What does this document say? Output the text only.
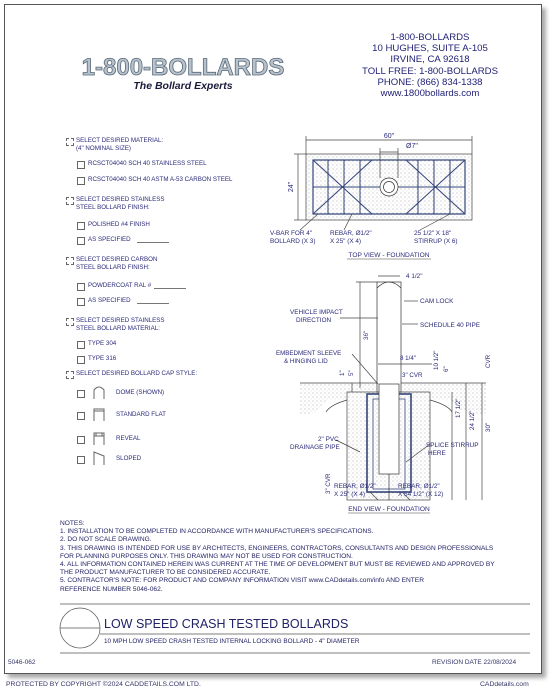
1-800-BOLLARDS
The Bollard Experts
1-800-BOLLARDS
10 HUGHES, SUITE A-105
IRVINE, CA 92618
TOLL FREE: 1-800-BOLLARDS
PHONE: (866) 834-1338
www.1800bollards.com
SELECT DESIRED MATERIAL:
(4" NOMINAL SIZE)
RCSCT04040 SCH 40 STAINLESS STEEL
RCSCT04040 SCH 40 ASTM A-53 CARBON STEEL
SELECT DESIRED STAINLESS
STEEL BOLLARD FINISH:
POLISHED #4 FINISH
AS SPECIFIED
SELECT DESIRED CARBON
STEEL BOLLARD FINISH:
POWDERCOAT RAL #
AS SPECIFIED
SELECT DESIRED STAINLESS
STEEL BOLLARD MATERIAL:
TYPE 304
TYPE 316
SELECT DESIRED BOLLARD CAP STYLE:
DOME (SHOWN)
STANDARD FLAT
REVEAL
SLOPED
60"
24"
Ø7"
V-BAR FOR 4"
BOLLARD (X 3)
REBAR, Ø1/2"
X 25" (X 4)
25 1/2" X 18"
STIRRUP (X 6)
TOP VIEW - FOUNDATION
4 1/2"
CAM LOCK
VEHICLE IMPACT
DIRECTION
36"
SCHEDULE 40 PIPE
EMBEDMENT SLEEVE
& HINGING LID	8 1/4"
1" 5"	3" CVR
10 1/2" 6"
CVR
17 1/2"
24 1/2" 30"
2" PVC
DRAINAGE PIPE	SPLICE STIRRUP
HERE
3" CVR REBAR, Ø1/2"
X 25" (X 4)
REBAR, Ø1/2"
X 54 1/2" (X 12)
END VIEW - FOUNDATION
NOTES:
1. INSTALLATION TO BE COMPLETED IN ACCORDANCE WITH MANUFACTURER'S SPECIFICATIONS.
2. DO NOT SCALE DRAWING.
3. THIS DRAWING IS INTENDED FOR USE BY ARCHITECTS, ENGINEERS, CONTRACTORS, CONSULTANTS AND DESIGN PROFESSIONALS
FOR PLANNING PURPOSES ONLY. THIS DRAWING MAY NOT BE USED FOR CONSTRUCTION.
4. ALL INFORMATION CONTAINED HEREIN WAS CURRENT AT THE TIME OF DEVELOPMENT BUT MUST BE REVIEWED AND APPROVED BY
THE PRODUCT MANUFACTURER TO BE CONSIDERED ACCURATE.
5. CONTRACTOR'S NOTE: FOR PRODUCT AND COMPANY INFORMATION VISIT www.CADdetails.com/info AND ENTER
REFERENCE NUMBER 5046-062.
LOW SPEED CRASH TESTED BOLLARDS
10 MPH LOW SPEED CRASH TESTED INTERNAL LOCKING BOLLARD - 4" DIAMETER
5046-062	REVISION DATE 22/08/2024
PROTECTED BY COPYRIGHT ©2024 CADDETAILS.COM LTD.	CADdetails.com
